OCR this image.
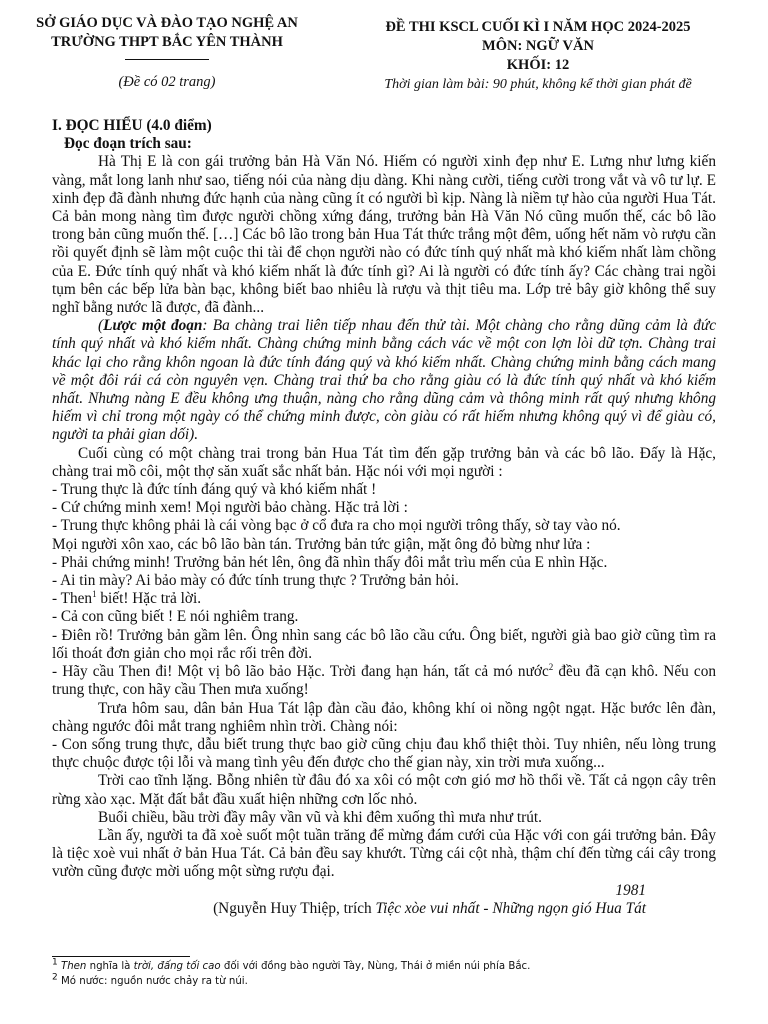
SỞ GIÁO DỤC VÀ ĐÀO TẠO NGHỆ AN
TRƯỜNG THPT BẮC YÊN THÀNH
(Đề có 02 trang)
ĐỀ THI KSCL CUỐI KÌ I NĂM HỌC 2024-2025
MÔN: NGỮ VĂN
KHỐI: 12
Thời gian làm bài: 90 phút, không kể thời gian phát đề

I. ĐỌC HIỂU (4.0 điểm)

Đọc đoạn trích sau:

Hà Thị E là con gái trưởng bản Hà Văn Nó. Hiếm có người xinh đẹp như E. Lưng như lưng kiến vàng, mắt long lanh như sao, tiếng nói của nàng dịu dàng. Khi nàng cười, tiếng cười trong vắt và vô tư lự. E xinh đẹp đã đành nhưng đức hạnh của nàng cũng ít có người bì kịp. Nàng là niềm tự hào của người Hua Tát. Cả bản mong nàng tìm được người chồng xứng đáng, trưởng bản Hà Văn Nó cũng muốn thế, các bô lão trong bản cũng muốn thế. […] Các bô lão trong bản Hua Tát thức trắng một đêm, uống hết năm vò rượu cần rồi quyết định sẽ làm một cuộc thi tài để chọn người nào có đức tính quý nhất mà khó kiếm nhất làm chồng của E. Đức tính quý nhất và khó kiếm nhất là đức tính gì? Ai là người có đức tính ấy? Các chàng trai ngồi tụm bên các bếp lửa bàn bạc, không biết bao nhiêu là rượu và thịt tiêu ma. Lớp trẻ bây giờ không thể suy nghĩ bằng nước lã được, đã đành...

(Lược một đoạn: Ba chàng trai liên tiếp nhau đến thử tài. Một chàng cho rằng dũng cảm là đức tính quý nhất và khó kiếm nhất. Chàng chứng minh bằng cách vác về một con lợn lòi dữ tợn. Chàng trai khác lại cho rằng khôn ngoan là đức tính đáng quý và khó kiếm nhất. Chàng chứng minh bằng cách mang về một đôi rái cá còn nguyên vẹn. Chàng trai thứ ba cho rằng giàu có là đức tính quý nhất và khó kiếm nhất. Nhưng nàng E đều không ưng thuận, nàng cho rằng dũng cảm và thông minh rất quý nhưng không hiếm vì chỉ trong một ngày có thể chứng minh được, còn giàu có rất hiếm nhưng không quý vì để giàu có, người ta phải gian dối).

Cuối cùng có một chàng trai trong bản Hua Tát tìm đến gặp trưởng bản và các bô lão. Đấy là Hặc, chàng trai mồ côi, một thợ săn xuất sắc nhất bản. Hặc nói với mọi người :

- Trung thực là đức tính đáng quý và khó kiếm nhất !

- Cứ chứng minh xem! Mọi người bảo chàng. Hặc trả lời :

- Trung thực không phải là cái vòng bạc ở cổ đưa ra cho mọi người trông thấy, sờ tay vào nó.

Mọi người xôn xao, các bô lão bàn tán. Trưởng bản tức giận, mặt ông đỏ bừng như lửa :

- Phải chứng minh! Trưởng bản hét lên, ông đã nhìn thấy đôi mắt trìu mến của E nhìn Hặc.

- Ai tin mày? Ai bảo mày có đức tính trung thực ? Trưởng bản hỏi.

- Then$^1$ biết! Hặc trả lời.

- Cả con cũng biết ! E nói nghiêm trang.

- Điên rồ! Trưởng bản gầm lên. Ông nhìn sang các bô lão cầu cứu. Ông biết, người già bao giờ cũng tìm ra lối thoát đơn giản cho mọi rắc rối trên đời.

- Hãy cầu Then đi! Một vị bô lão bảo Hặc. Trời đang hạn hán, tất cả mó nước$^2$ đều đã cạn khô. Nếu con trung thực, con hãy cầu Then mưa xuống!

Trưa hôm sau, dân bản Hua Tát lập đàn cầu đảo, không khí oi nồng ngột ngạt. Hặc bước lên đàn, chàng ngước đôi mắt trang nghiêm nhìn trời. Chàng nói:

- Con sống trung thực, dẫu biết trung thực bao giờ cũng chịu đau khổ thiệt thòi. Tuy nhiên, nếu lòng trung thực chuộc được tội lỗi và mang tình yêu đến được cho thế gian này, xin trời mưa xuống...

Trời cao tĩnh lặng. Bỗng nhiên từ đâu đó xa xôi có một cơn gió mơ hồ thổi về. Tất cả ngọn cây trên rừng xào xạc. Mặt đất bắt đầu xuất hiện những cơn lốc nhỏ.

Buổi chiều, bầu trời đầy mây vần vũ và khi đêm xuống thì mưa như trút.

Lần ấy, người ta đã xoè suốt một tuần trăng để mừng đám cưới của Hặc với con gái trưởng bản. Đây là tiệc xoè vui nhất ở bản Hua Tát. Cả bản đều say khướt. Từng cái cột nhà, thậm chí đến từng cái cây trong vườn cũng được mời uống một sừng rượu đại.

1981

(Nguyễn Huy Thiệp, trích Tiệc xòe vui nhất - Những ngọn gió Hua Tát

$^1$ Then nghĩa là trời, đấng tối cao đối với đồng bào người Tày, Nùng, Thái ở miền núi phía Bắc.
$^2$ Mó nước: nguồn nước chảy ra từ núi.
